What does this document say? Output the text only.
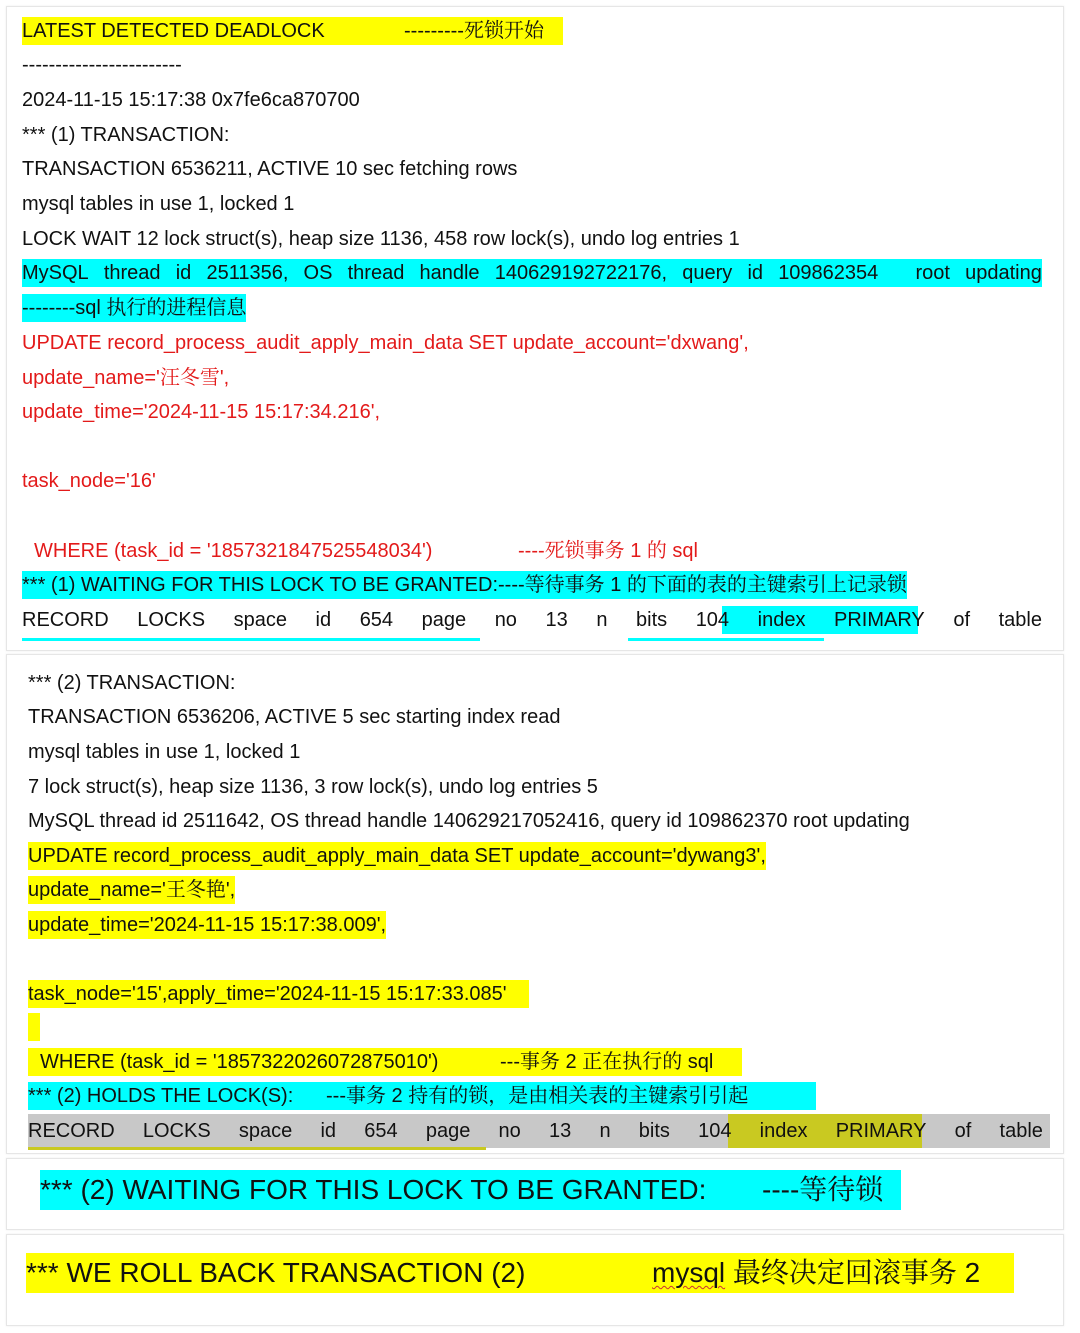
LATEST DETECTED DEADLOCK	---------死锁开始
------------------------
2024-11-15 15:17:38 0x7fe6ca870700
*** (1) TRANSACTION:
TRANSACTION 6536211, ACTIVE 10 sec fetching rows
mysql tables in use 1, locked 1
LOCK WAIT 12 lock struct(s), heap size 1136, 458 row lock(s), undo log entries 1
MySQL thread id 2511356, OS thread handle 140629192722176, query id 109862354 root updating
--------sql 执行的进程信息
UPDATE record_process_audit_apply_main_data SET update_account='dxwang',
update_name='汪冬雪',
update_time='2024-11-15 15:17:34.216',
task_node='16'
WHERE (task_id = '1857321847525548034')	----死锁事务 1 的 sql
*** (1) WAITING FOR THIS LOCK TO BE GRANTED:----等待事务 1 的下面的表的主键索引上记录锁
RECORD LOCKS space id 654 page no 13 n bits 104 index PRIMARY of table
*** (2) TRANSACTION:
TRANSACTION 6536206, ACTIVE 5 sec starting index read
mysql tables in use 1, locked 1
7 lock struct(s), heap size 1136, 3 row lock(s), undo log entries 5
MySQL thread id 2511642, OS thread handle 140629217052416, query id 109862370 root updating
UPDATE record_process_audit_apply_main_data SET update_account='dywang3',
update_name='王冬艳',
update_time='2024-11-15 15:17:38.009',
task_node='15',apply_time='2024-11-15 15:17:33.085'
WHERE (task_id = '1857322026072875010')	---事务 2 正在执行的 sql
*** (2) HOLDS THE LOCK(S): ---事务 2 持有的锁，是由相关表的主键索引引起
RECORD LOCKS space id 654 page no 13 n bits 104 index PRIMARY of table
*** (2) WAITING FOR THIS LOCK TO BE GRANTED: ----等待锁
*** WE ROLL BACK TRANSACTION (2)	mysql 最终决定回滚事务 2
